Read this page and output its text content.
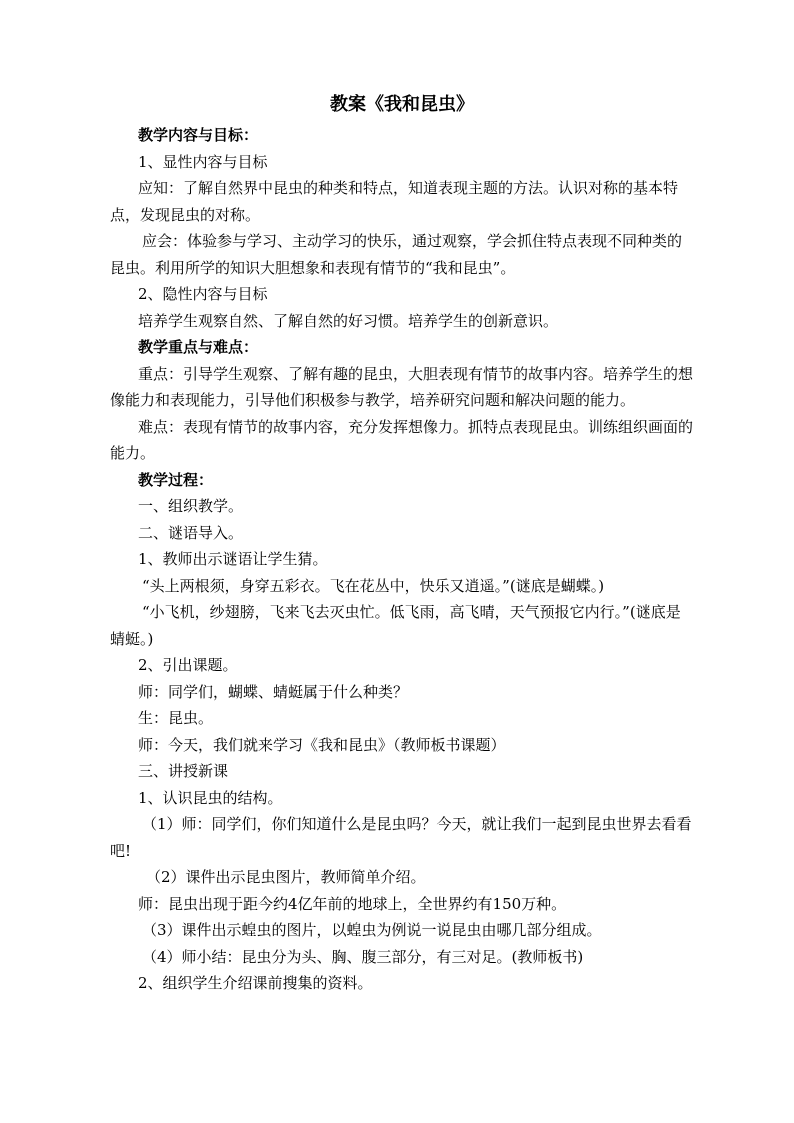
教案《我和昆虫》

教学内容与目标：

1、显性内容与目标

应知：了解自然界中昆虫的种类和特点，知道表现主题的方法。认识对称的基本特点，发现昆虫的对称。

应会：体验参与学习、主动学习的快乐，通过观察，学会抓住特点表现不同种类的昆虫。利用所学的知识大胆想象和表现有情节的“我和昆虫”。

2、隐性内容与目标

培养学生观察自然、了解自然的好习惯。培养学生的创新意识。

教学重点与难点：

重点：引导学生观察、了解有趣的昆虫，大胆表现有情节的故事内容。培养学生的想像能力和表现能力，引导他们积极参与教学，培养研究问题和解决问题的能力。

难点：表现有情节的故事内容，充分发挥想像力。抓特点表现昆虫。训练组织画面的能力。

教学过程：

一、组织教学。

二、谜语导入。

1、教师出示谜语让学生猜。

“头上两根须，身穿五彩衣。飞在花丛中，快乐又逍遥。”(谜底是蝴蝶。)

“小飞机，纱翅膀，飞来飞去灭虫忙。低飞雨，高飞晴，天气预报它内行。”(谜底是蜻蜓。)

2、引出课题。

师：同学们，蝴蝶、蜻蜓属于什么种类？

生：昆虫。

师：今天，我们就来学习《我和昆虫》（教师板书课题）

三、讲授新课

1、认识昆虫的结构。

（1）师：同学们，你们知道什么是昆虫吗？今天，就让我们一起到昆虫世界去看看吧!

（2）课件出示昆虫图片，教师简单介绍。

师：昆虫出现于距今约4亿年前的地球上，全世界约有150万种。

（3）课件出示蝗虫的图片，以蝗虫为例说一说昆虫由哪几部分组成。

（4）师小结：昆虫分为头、胸、腹三部分，有三对足。(教师板书)

2、组织学生介绍课前搜集的资料。
